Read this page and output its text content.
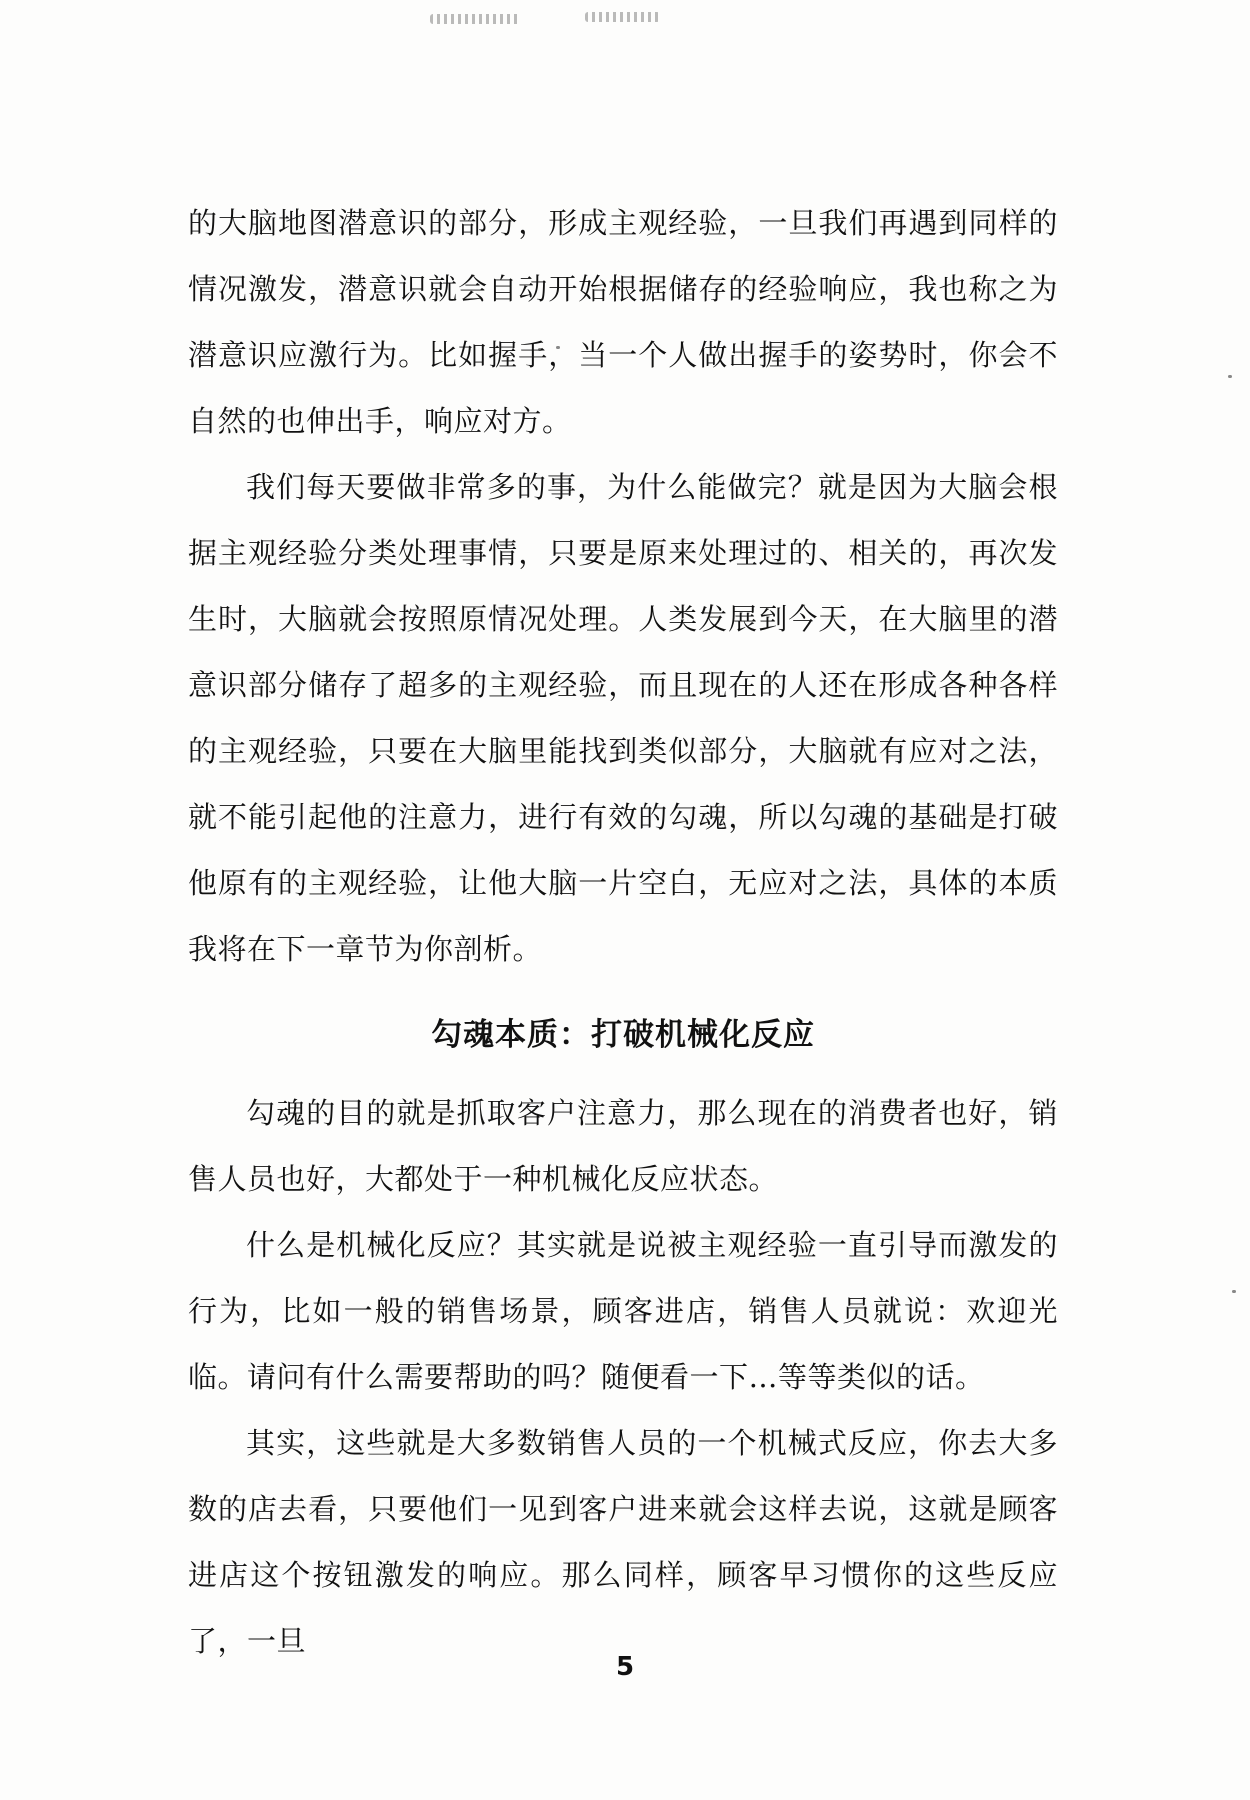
的大脑地图潜意识的部分，形成主观经验，一旦我们再遇到同样的情况激发，潜意识就会自动开始根据储存的经验响应，我也称之为潜意识应激行为。比如握手，当一个人做出握手的姿势时，你会不自然的也伸出手，响应对方。

我们每天要做非常多的事，为什么能做完？就是因为大脑会根据主观经验分类处理事情，只要是原来处理过的、相关的，再次发生时，大脑就会按照原情况处理。人类发展到今天，在大脑里的潜意识部分储存了超多的主观经验，而且现在的人还在形成各种各样的主观经验，只要在大脑里能找到类似部分，大脑就有应对之法，就不能引起他的注意力，进行有效的勾魂，所以勾魂的基础是打破他原有的主观经验，让他大脑一片空白，无应对之法，具体的本质我将在下一章节为你剖析。

勾魂本质：打破机械化反应

勾魂的目的就是抓取客户注意力，那么现在的消费者也好，销售人员也好，大都处于一种机械化反应状态。

什么是机械化反应？其实就是说被主观经验一直引导而激发的行为，比如一般的销售场景，顾客进店，销售人员就说：欢迎光临。请问有什么需要帮助的吗？随便看一下…等等类似的话。

其实，这些就是大多数销售人员的一个机械式反应，你去大多数的店去看，只要他们一见到客户进来就会这样去说，这就是顾客进店这个按钮激发的响应。那么同样，顾客早习惯你的这些反应了，一旦

5
